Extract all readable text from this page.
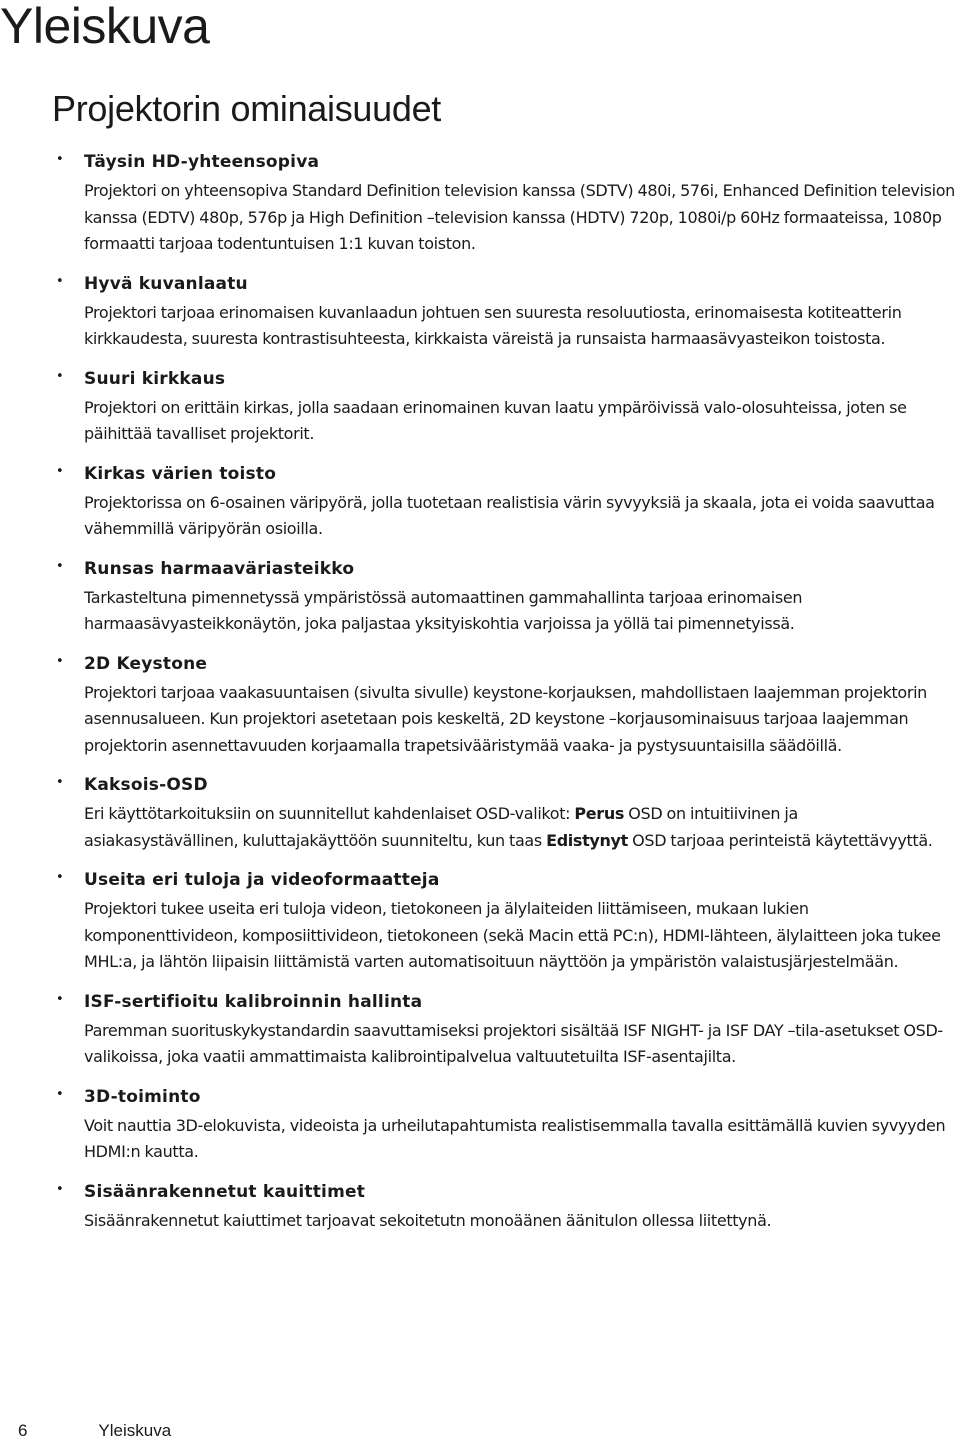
Yleiskuva
Projektorin ominaisuudet
• Täysin HD-yhteensopiva

Projektori on yhteensopiva Standard Definition television kanssa (SDTV) 480i, 576i, Enhanced Definition television kanssa (EDTV) 480p, 576p ja High Definition –television kanssa (HDTV) 720p, 1080i/p 60Hz formaateissa, 1080p formaatti tarjoaa todentuntuisen 1:1 kuvan toiston.

• Hyvä kuvanlaatu

Projektori tarjoaa erinomaisen kuvanlaadun johtuen sen suuresta resoluutiosta, erinomaisesta kotiteatterin kirkkaudesta, suuresta kontrastisuhteesta, kirkkaista väreistä ja runsaista harmaasävyasteikon toistosta.

• Suuri kirkkaus

Projektori on erittäin kirkas, jolla saadaan erinomainen kuvan laatu ympäröivissä valo-olosuhteissa, joten se päihittää tavalliset projektorit.

• Kirkas värien toisto

Projektorissa on 6-osainen väripyörä, jolla tuotetaan realistisia värin syvyyksiä ja skaala, jota ei voida saavuttaa vähemmillä väripyörän osioilla.

• Runsas harmaaväriasteikko

Tarkasteltuna pimennetyssä ympäristössä automaattinen gammahallinta tarjoaa erinomaisen harmaasävyasteikkonäytön, joka paljastaa yksityiskohtia varjoissa ja yöllä tai pimennetyissä.

• 2D Keystone

Projektori tarjoaa vaakasuuntaisen (sivulta sivulle) keystone-korjauksen, mahdollistaen laajemman projektorin asennusalueen. Kun projektori asetetaan pois keskeltä, 2D keystone –korjausominaisuus tarjoaa laajemman projektorin asennettavuuden korjaamalla trapetsivääristymää vaaka- ja pystysuuntaisilla säädöillä.

• Kaksois-OSD

Eri käyttötarkoituksiin on suunnitellut kahdenlaiset OSD-valikot: Perus OSD on intuitiivinen ja asiakasystävällinen, kuluttajakäyttöön suunniteltu, kun taas Edistynyt OSD tarjoaa perinteistä käytettävyyttä.

• Useita eri tuloja ja videoformaatteja

Projektori tukee useita eri tuloja videon, tietokoneen ja älylaiteiden liittämiseen, mukaan lukien komponenttivideon, komposiittivideon, tietokoneen (sekä Macin että PC:n), HDMI-lähteen, älylaitteen joka tukee MHL:a, ja lähtön liipaisin liittämistä varten automatisoituun näyttöön ja ympäristön valaistusjärjestelmään.

• ISF-sertifioitu kalibroinnin hallinta

Paremman suorituskykystandardin saavuttamiseksi projektori sisältää ISF NIGHT- ja ISF DAY –tila-asetukset OSD-valikoissa, joka vaatii ammattimaista kalibrointipalvelua valtuutetuilta ISF-asentajilta.

• 3D-toiminto

Voit nauttia 3D-elokuvista, videoista ja urheilutapahtumista realistisemmalla tavalla esittämällä kuvien syvyyden HDMI:n kautta.

• Sisäänrakennetut kauittimet

Sisäänrakennetut kaiuttimet tarjoavat sekoitetutn monoäänen äänitulon ollessa liitettynä.

6	Yleiskuva
